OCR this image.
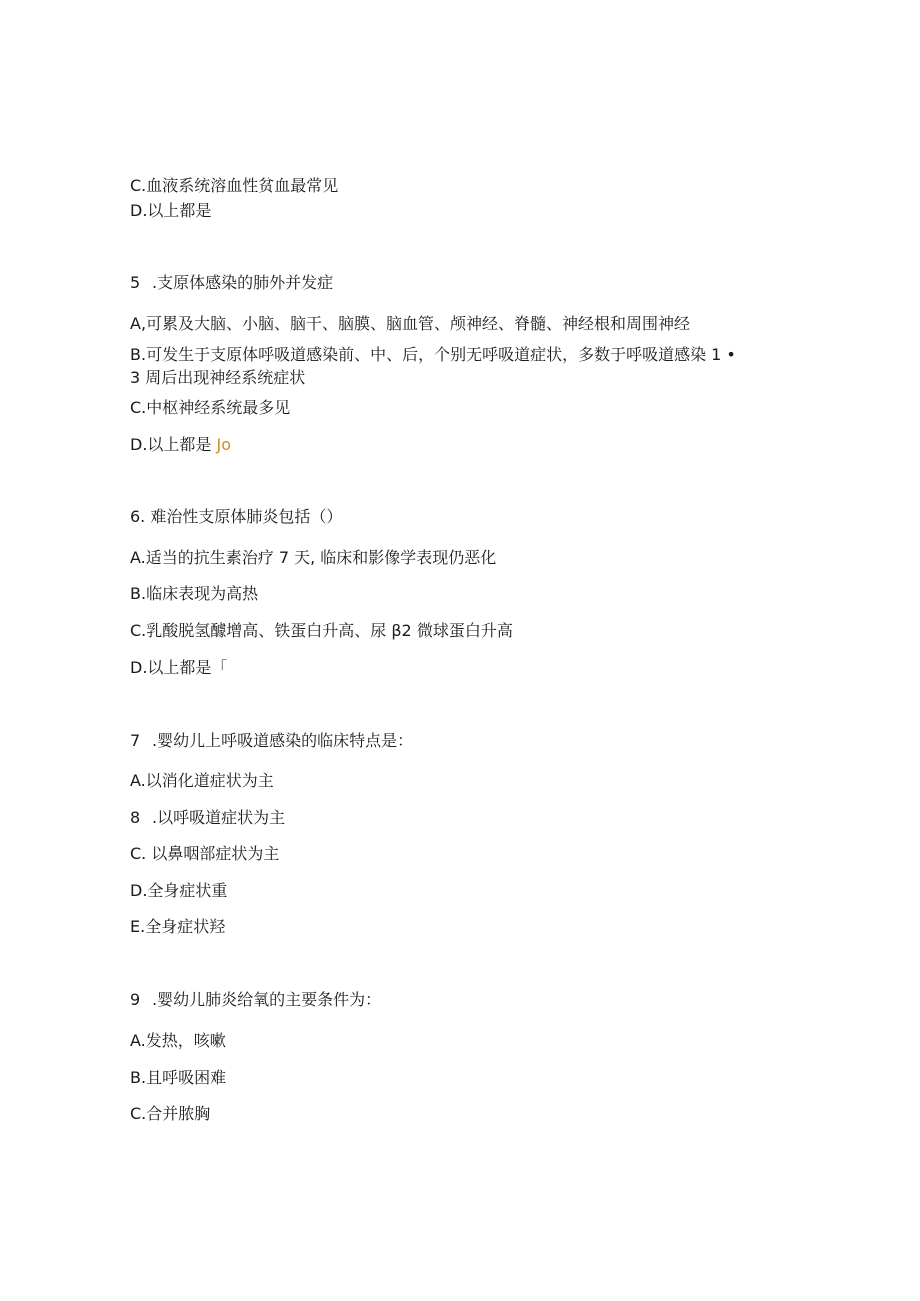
C.血液系统溶血性贫血最常见
D.以上都是
5 .支原体感染的肺外并发症
A,可累及大脑、小脑、脑干、脑膜、脑血管、颅神经、脊髓、神经根和周围神经
B.可发生于支原体呼吸道感染前、中、后，个别无呼吸道症状，多数于呼吸道感染 1 •
3 周后出现神经系统症状
C.中枢神经系统最多见
D.以上都是 Jo
6. 难治性支原体肺炎包括（）
A.适当的抗生素治疗 7 天, 临床和影像学表现仍恶化
B.临床表现为高热
C.乳酸脱氢醵增高、铁蛋白升高、尿 β2 微球蛋白升高
D.以上都是「
7 .婴幼儿上呼吸道感染的临床特点是：
A.以消化道症状为主
8 .以呼吸道症状为主
C. 以鼻咽部症状为主
D.全身症状重
E.全身症状羟
9 .婴幼儿肺炎给氧的主要条件为：
A.发热，咳嗽
B.且呼吸困难
C.合并脓胸
